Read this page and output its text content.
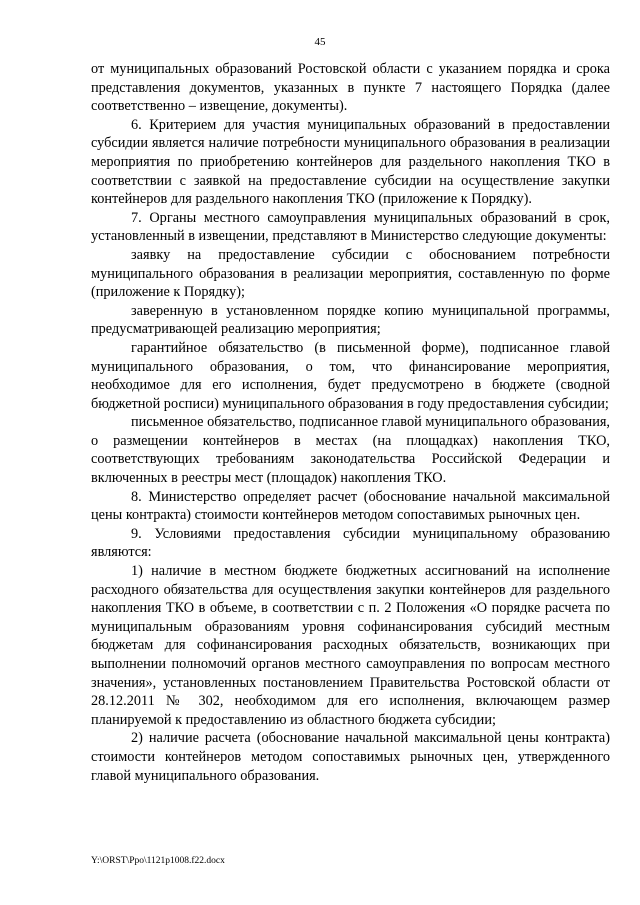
45

от муниципальных образований Ростовской области с указанием порядка и срока представления документов, указанных в пункте 7 настоящего Порядка (далее соответственно – извещение, документы).

6. Критерием для участия муниципальных образований в предоставлении субсидии является наличие потребности муниципального образования в реализации мероприятия по приобретению контейнеров для раздельного накопления ТКО в соответствии с заявкой на предоставление субсидии на осуществление закупки контейнеров для раздельного накопления ТКО (приложение к Порядку).

7. Органы местного самоуправления муниципальных образований в срок, установленный в извещении, представляют в Министерство следующие документы:

заявку на предоставление субсидии с обоснованием потребности муниципального образования в реализации мероприятия, составленную по форме (приложение к Порядку);

заверенную в установленном порядке копию муниципальной программы, предусматривающей реализацию мероприятия;

гарантийное обязательство (в письменной форме), подписанное главой муниципального образования, о том, что финансирование мероприятия, необходимое для его исполнения, будет предусмотрено в бюджете (сводной бюджетной росписи) муниципального образования в году предоставления субсидии;

письменное обязательство, подписанное главой муниципального образования, о размещении контейнеров в местах (на площадках) накопления ТКО, соответствующих требованиям законодательства Российской Федерации и включенных в реестры мест (площадок) накопления ТКО.

8. Министерство определяет расчет (обоснование начальной максимальной цены контракта) стоимости контейнеров методом сопоставимых рыночных цен.

9. Условиями предоставления субсидии муниципальному образованию являются:

1) наличие в местном бюджете бюджетных ассигнований на исполнение расходного обязательства для осуществления закупки контейнеров для раздельного накопления ТКО в объеме, в соответствии с п. 2 Положения «О порядке расчета по муниципальным образованиям уровня софинансирования субсидий местным бюджетам для софинансирования расходных обязательств, возникающих при выполнении полномочий органов местного самоуправления по вопросам местного значения», установленных постановлением Правительства Ростовской области от 28.12.2011 № 302, необходимом для его исполнения, включающем размер планируемой к предоставлению из областного бюджета субсидии;

2) наличие расчета (обоснование начальной максимальной цены контракта) стоимости контейнеров методом сопоставимых рыночных цен, утвержденного главой муниципального образования.

Y:\ORST\Ppo\1121p1008.f22.docx
